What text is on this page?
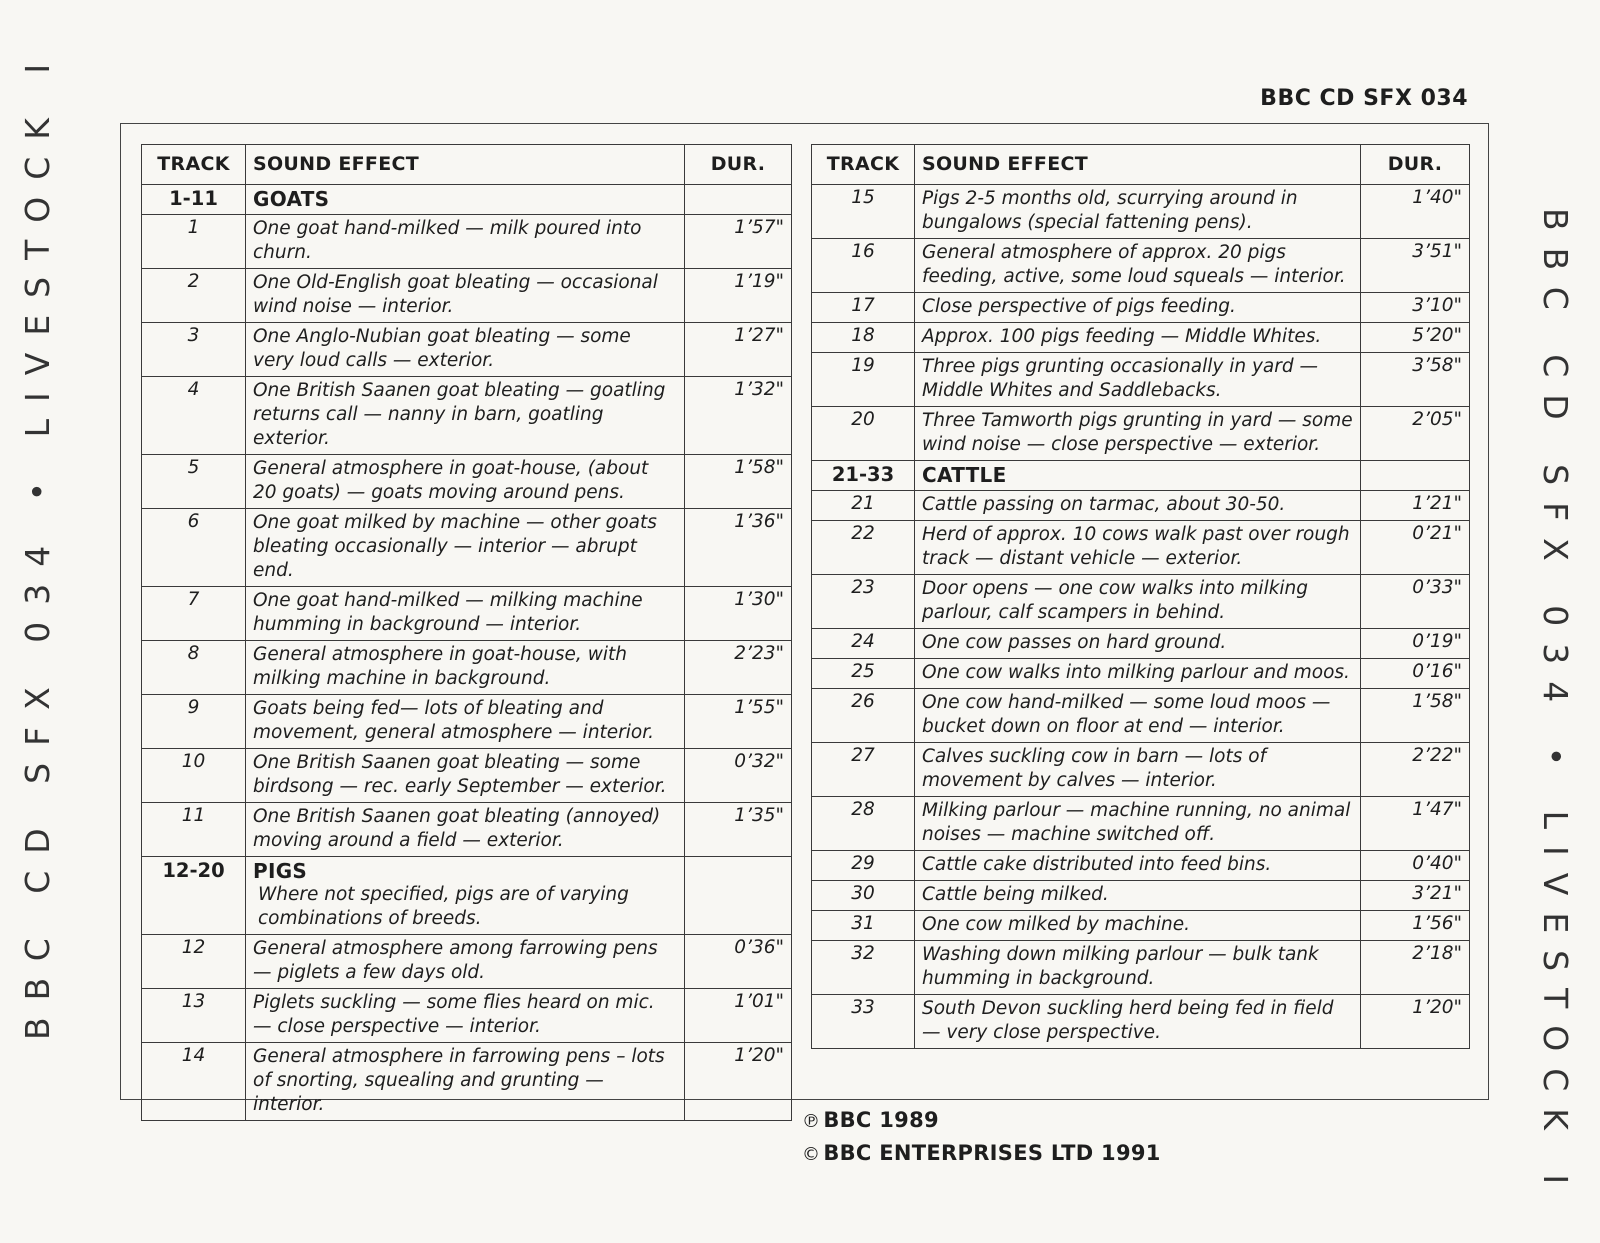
BBC CD SFX 034
BBC CD SFX 034 • LIVESTOCK I	BBC CD SFX 034 • LIVESTOCK I
TRACK	SOUND EFFECT	DUR.
1-11	GOATS	
1	One goat hand-milked — milk poured into churn.	1’57"
2	One Old-English goat bleating — occasional wind noise — interior.	1’19"
3	One Anglo-Nubian goat bleating — some very loud calls — exterior.	1’27"
4	One British Saanen goat bleating — goatling returns call — nanny in barn, goatling exterior.	1’32"
5	General atmosphere in goat-house, (about 20 goats) — goats moving around pens.	1’58"
6	One goat milked by machine — other goats bleating occasionally — interior — abrupt end.	1’36"
7	One goat hand-milked — milking machine humming in background — interior.	1’30"
8	General atmosphere in goat-house, with milking machine in background.	2’23"
9	Goats being fed— lots of bleating and movement, general atmosphere — interior.	1’55"
10	One British Saanen goat bleating — some birdsong — rec. early September — exterior.	0’32"
11	One British Saanen goat bleating (annoyed) moving around a field — exterior.	1’35"
12-20	PIGS
Where not specified, pigs are of varying combinations of breeds.	

12	General atmosphere among farrowing pens — piglets a few days old.	0’36"
13	Piglets suckling — some flies heard on mic. — close perspective — interior.	1’01"
14	General atmosphere in farrowing pens – lots of snorting, squealing and grunting — interior.	1’20"
TRACK	SOUND EFFECT	DUR.
15	Pigs 2-5 months old, scurrying around in bungalows (special fattening pens).	1’40"
16	General atmosphere of approx. 20 pigs feeding, active, some loud squeals — interior.	3’51"
17	Close perspective of pigs feeding.	3’10"
18	Approx. 100 pigs feeding — Middle Whites.	5’20"
19	Three pigs grunting occasionally in yard — Middle Whites and Saddlebacks.	3’58"
20	Three Tamworth pigs grunting in yard — some wind noise — close perspective — exterior.	2’05"
21-33	CATTLE	
21	Cattle passing on tarmac, about 30-50.	1’21"
22	Herd of approx. 10 cows walk past over rough track — distant vehicle — exterior.	0’21"
23	Door opens — one cow walks into milking parlour, calf scampers in behind.	0’33"
24	One cow passes on hard ground.	0’19"
25	One cow walks into milking parlour and moos.	0’16"
26	One cow hand-milked — some loud moos — bucket down on floor at end — interior.	1’58"
27	Calves suckling cow in barn — lots of movement by calves — interior.	2’22"
28	Milking parlour — machine running, no animal noises — machine switched off.	1’47"
29	Cattle cake distributed into feed bins.	0’40"
30	Cattle being milked.	3’21"
31	One cow milked by machine.	1’56"
32	Washing down milking parlour — bulk tank humming in background.	2’18"
33	South Devon suckling herd being fed in field — very close perspective.	1’20"
℗ BBC 1989
© BBC ENTERPRISES LTD 1991
